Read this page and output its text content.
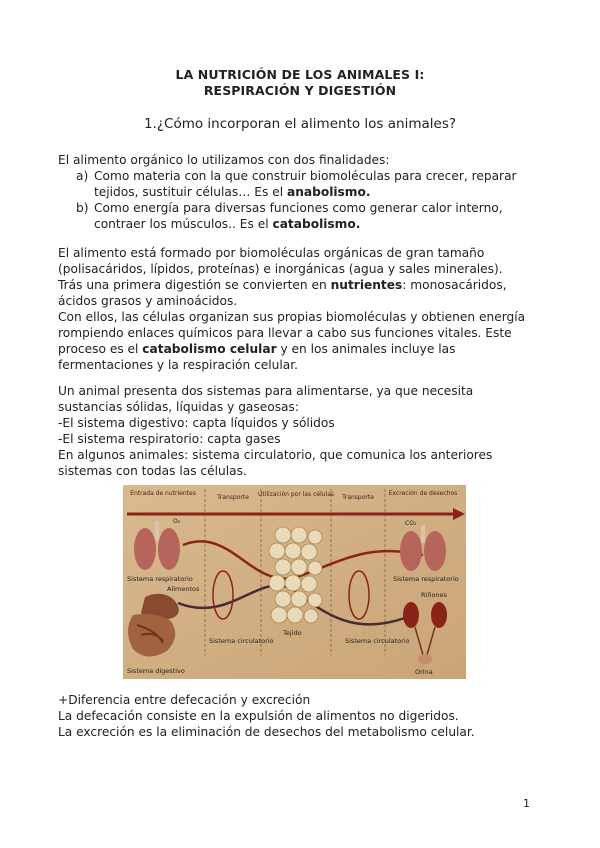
LA NUTRICIÓN DE LOS ANIMALES I:
RESPIRACIÓN Y DIGESTIÓN
1.¿Cómo incorporan el alimento los animales?
El alimento orgánico lo utilizamos con dos finalidades:
a) Como materia con la que construir biomoléculas para crecer, reparar tejidos, sustituir células… Es el anabolismo.
b) Como energía para diversas funciones como generar calor interno, contraer los músculos.. Es el catabolismo.
El alimento está formado por biomoléculas orgánicas de gran tamaño (polisacáridos, lípidos, proteínas) e inorgánicas (agua y sales minerales).
Trás una primera digestión se convierten en nutrientes: monosacáridos, ácidos grasos y aminoácidos.
Con ellos, las células organizan sus propias biomoléculas y obtienen energía rompiendo enlaces químicos para llevar a cabo sus funciones vitales. Este proceso es el catabolismo celular y en los animales incluye las fermentaciones y la respiración celular.
Un animal presenta dos sistemas para alimentarse, ya que necesita sustancias sólidas, líquidas y gaseosas:
-El sistema digestivo: capta líquidos y sólidos
-El sistema respiratorio: capta gases
En algunos animales: sistema circulatorio, que comunica los anteriores sistemas con todas las células.
Entrada de nutrientes
Transporte Utilización por las células Transporte
Excreción de desechos
O₂
Sistema respiratorio
Alimentos
Sistema digestivo
Sistema circulatorio	Sistema circulatorio
Tejido
CO₂
Sistema respiratorio
Riñones
Orina
+Diferencia entre defecación y excreción
La defecación consiste en la expulsión de alimentos no digeridos.
La excreción es la eliminación de desechos del metabolismo celular.
1
